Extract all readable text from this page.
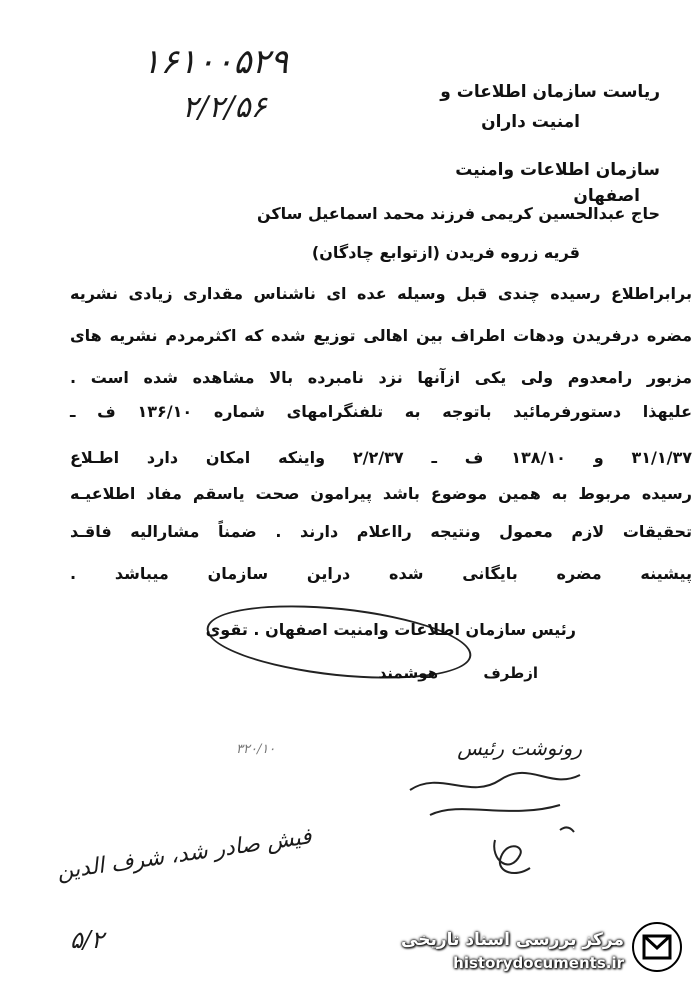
۱۶۱۰۰۵۲۹
۲/۲/۵۶	ریاست سازمان اطلاعات و
امنیت داران
سازمان اطلاعات وامنیت
اصفهان
حاج عبدالحسین کریمی فرزند محمد اسماعیل ساکن
قریه زروه فریدن (ازتوابع چادگان)
برابراطلاع رسیده چندی قبل وسیله عده ای ناشناس مقداری زیادی نشریه
مضره درفریدن ودهات اطراف بین اهالی توزیع شده که اکثرمردم نشریه های
مزبور رامعدوم ولی یکی ازآنها نزد نامبرده بالا مشاهده شده است .
علیهذا دستورفرمائید باتوجه به تلفنگرامهای شماره ۱۳۶/۱۰ ف ـ
۳۱/۱/۳۷ و ۱۳۸/۱۰ ف ـ ۲/۲/۳۷ واینکه امکان دارد اطـلاع
رسیده مربوط به همین موضوع باشد پیرامون صحت یاسقم مفاد اطلاعیـه
تحقیقات لازم معمول ونتیجه رااعلام دارند . ضمناً مشارالیه فاقـد
پیشینه مضره بایگانی شده دراین سازمان میباشد .
رئیس سازمان اطلاعات وامنیت اصفهان . تقوی
هوشمند	ازطرف
۳۲۰/۱۰	رونوشت رئیس
فیش صادر شد، شرف الدین
۵/۲	مرکز بررسی اسناد تاریخی
historydocuments.ir
